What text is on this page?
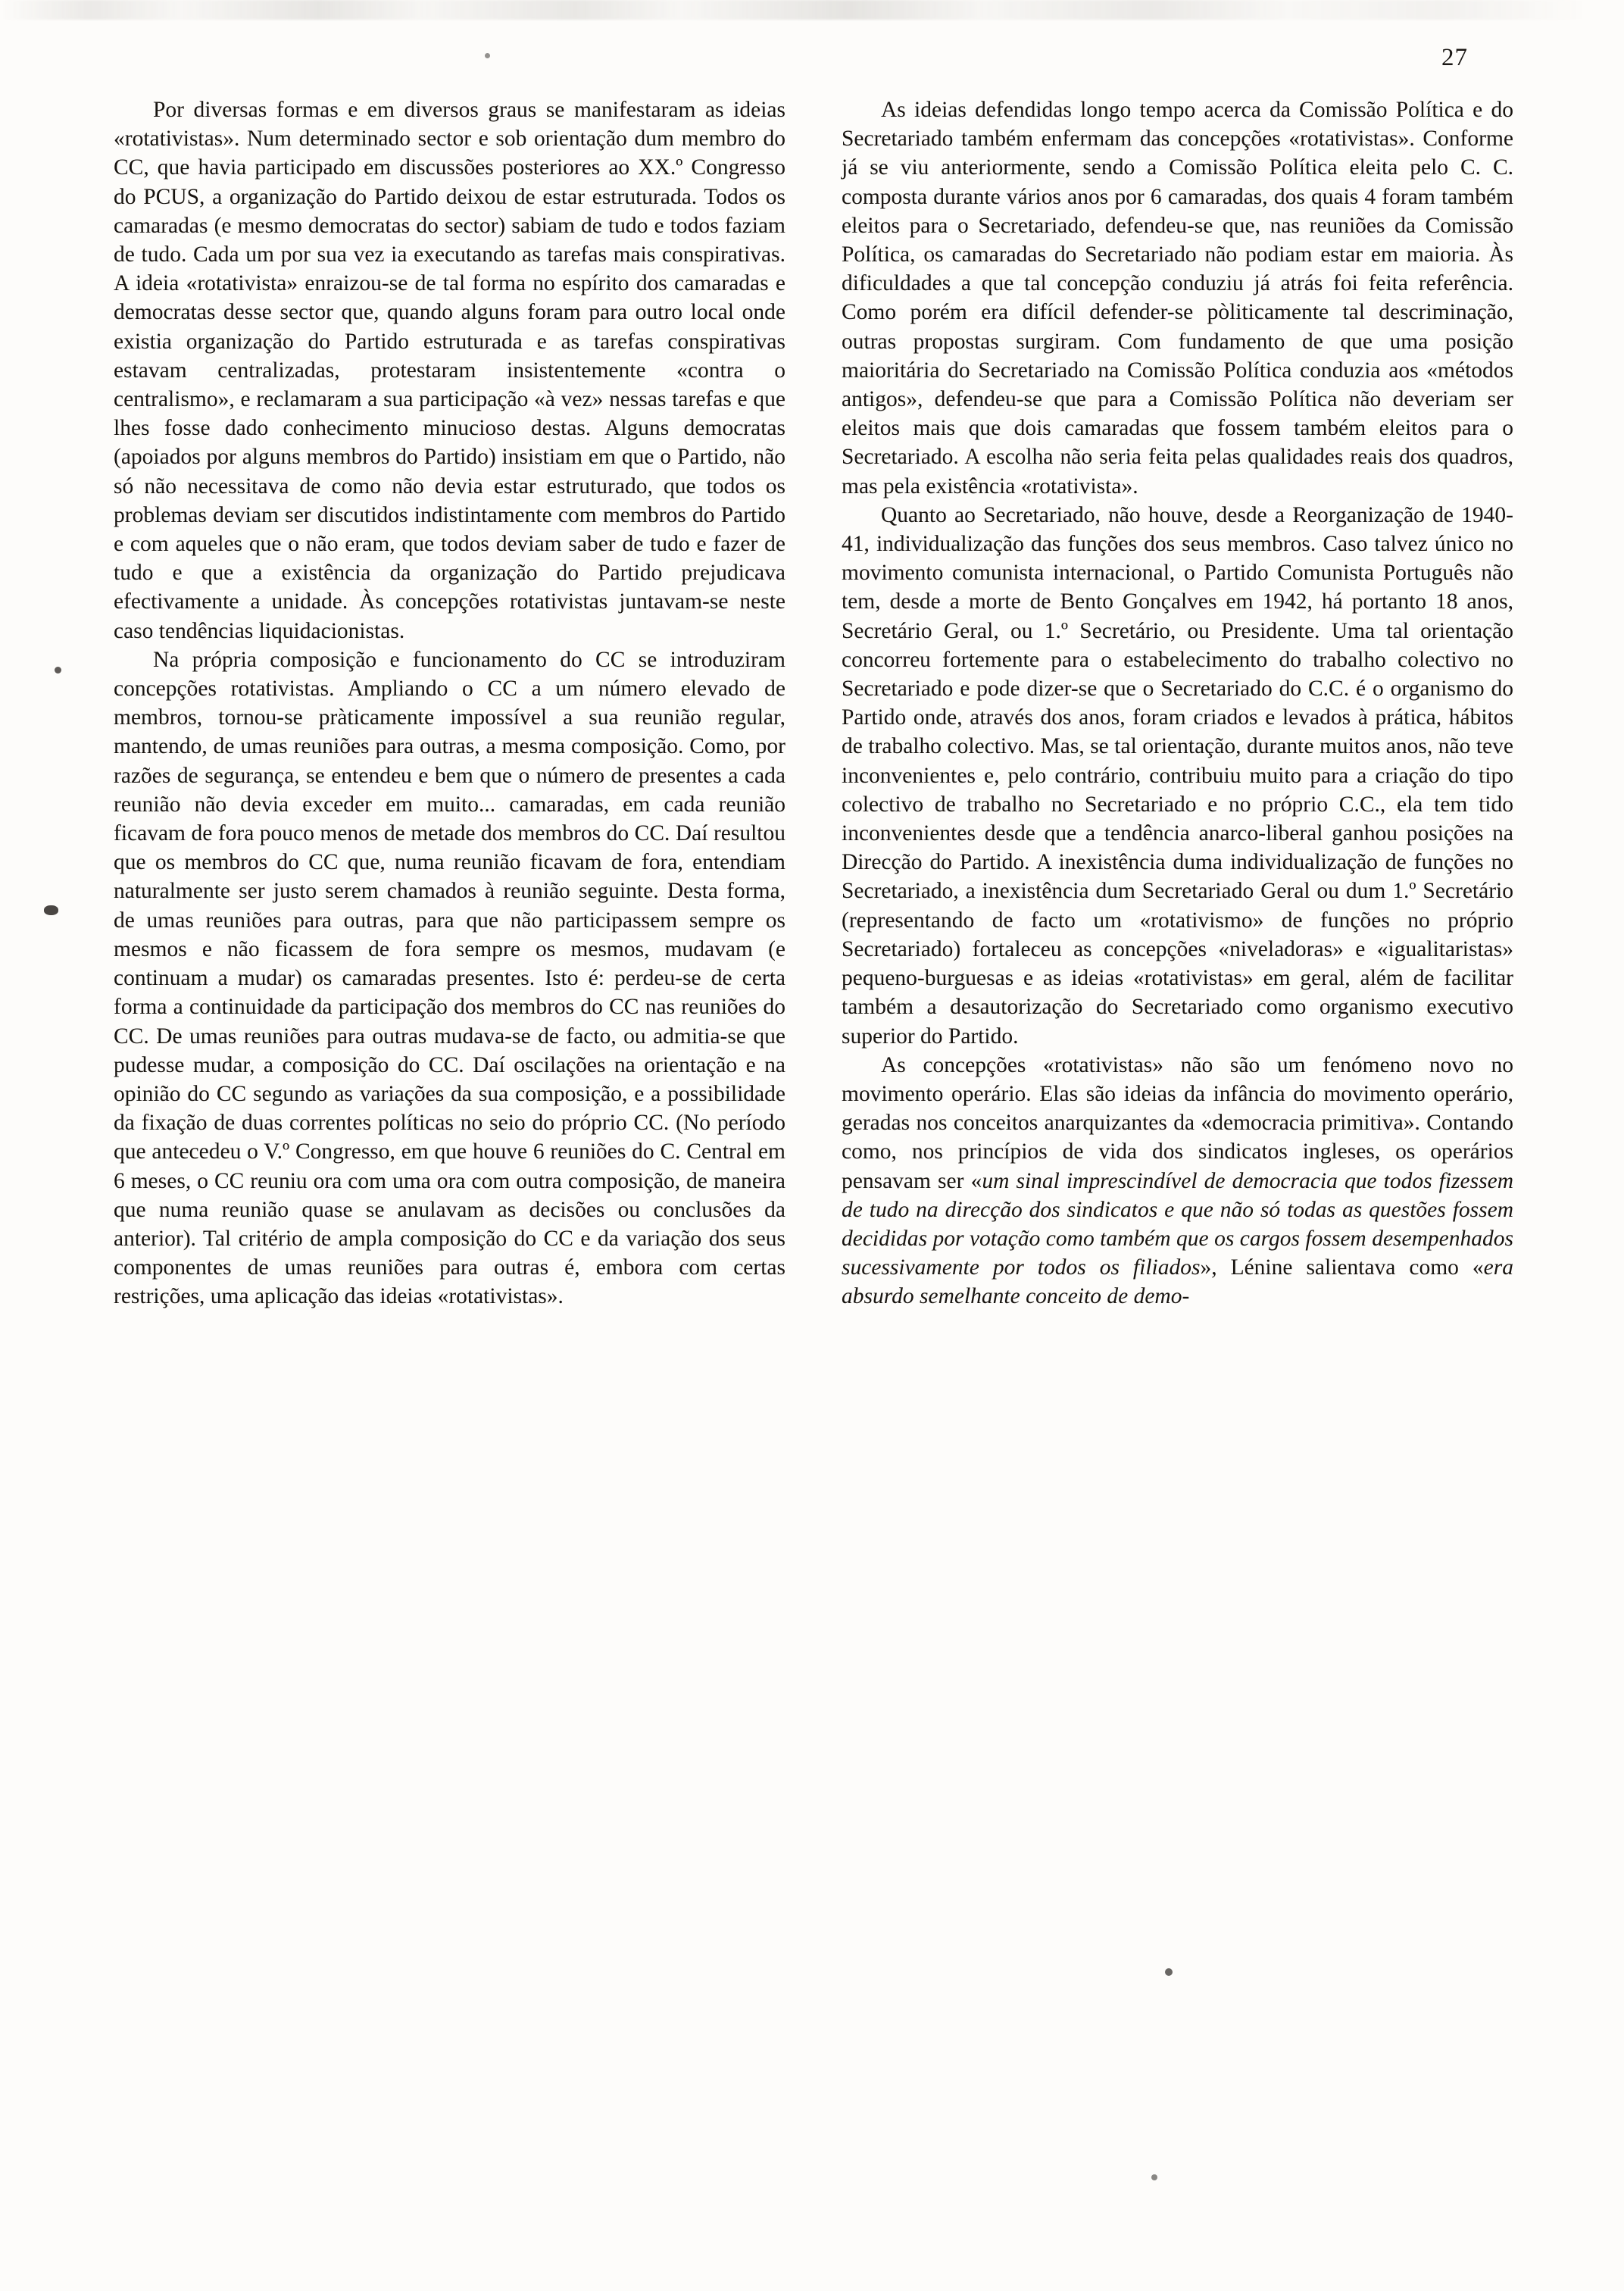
27

Por diversas formas e em diversos graus se manifestaram as ideias «rotativistas». Num determinado sector e sob orientação dum membro do CC, que havia participado em discussões posteriores ao XX.º Congresso do PCUS, a organização do Partido deixou de estar estruturada. Todos os camaradas (e mesmo democratas do sector) sabiam de tudo e todos faziam de tudo. Cada um por sua vez ia executando as tarefas mais conspirativas. A ideia «rotativista» enraizou-se de tal forma no espírito dos camaradas e democratas desse sector que, quando alguns foram para outro local onde existia organização do Partido estruturada e as tarefas conspirativas estavam centralizadas, protestaram insistentemente «contra o centralismo», e reclamaram a sua participação «à vez» nessas tarefas e que lhes fosse dado conhecimento minucioso destas. Alguns democratas (apoiados por alguns membros do Partido) insistiam em que o Partido, não só não necessitava de como não devia estar estruturado, que todos os problemas deviam ser discutidos indistintamente com membros do Partido e com aqueles que o não eram, que todos deviam saber de tudo e fazer de tudo e que a existência da organização do Partido prejudicava efectivamente a unidade. Às concepções rotativistas juntavam-se neste caso tendências liquidacionistas.

Na própria composição e funcionamento do CC se introduziram concepções rotativistas. Ampliando o CC a um número elevado de membros, tornou-se pràticamente impossível a sua reunião regular, mantendo, de umas reuniões para outras, a mesma composição. Como, por razões de segurança, se entendeu e bem que o número de presentes a cada reunião não devia exceder em muito... camaradas, em cada reunião ficavam de fora pouco menos de metade dos membros do CC. Daí resultou que os membros do CC que, numa reunião ficavam de fora, entendiam naturalmente ser justo serem chamados à reunião seguinte. Desta forma, de umas reuniões para outras, para que não participassem sempre os mesmos e não ficassem de fora sempre os mesmos, mudavam (e continuam a mudar) os camaradas presentes. Isto é: perdeu-se de certa forma a continuidade da participação dos membros do CC nas reuniões do CC. De umas reuniões para outras mudava-se de facto, ou admitia-se que pudesse mudar, a composição do CC. Daí oscilações na orientação e na opinião do CC segundo as variações da sua composição, e a possibilidade da fixação de duas correntes políticas no seio do próprio CC. (No período que antecedeu o V.º Congresso, em que houve 6 reuniões do C. Central em 6 meses, o CC reuniu ora com uma ora com outra composição, de maneira que numa reunião quase se anulavam as decisões ou conclusões da anterior). Tal critério de ampla composição do CC e da variação dos seus componentes de umas reuniões para outras é, embora com certas restrições, uma aplicação das ideias «rotativistas».

As ideias defendidas longo tempo acerca da Comissão Política e do Secretariado também enfermam das concepções «rotativistas». Conforme já se viu anteriormente, sendo a Comissão Política eleita pelo C. C. composta durante vários anos por 6 camaradas, dos quais 4 foram também eleitos para o Secretariado, defendeu-se que, nas reuniões da Comissão Política, os camaradas do Secretariado não podiam estar em maioria. Às dificuldades a que tal concepção conduziu já atrás foi feita referência. Como porém era difícil defender-se pòliticamente tal descriminação, outras propostas surgiram. Com fundamento de que uma posição maioritária do Secretariado na Comissão Política conduzia aos «métodos antigos», defendeu-se que para a Comissão Política não deveriam ser eleitos mais que dois camaradas que fossem também eleitos para o Secretariado. A escolha não seria feita pelas qualidades reais dos quadros, mas pela existência «rotativista».

Quanto ao Secretariado, não houve, desde a Reorganização de 1940-41, individualização das funções dos seus membros. Caso talvez único no movimento comunista internacional, o Partido Comunista Português não tem, desde a morte de Bento Gonçalves em 1942, há portanto 18 anos, Secretário Geral, ou 1.º Secretário, ou Presidente. Uma tal orientação concorreu fortemente para o estabelecimento do trabalho colectivo no Secretariado e pode dizer-se que o Secretariado do C.C. é o organismo do Partido onde, através dos anos, foram criados e levados à prática, hábitos de trabalho colectivo. Mas, se tal orientação, durante muitos anos, não teve inconvenientes e, pelo contrário, contribuiu muito para a criação do tipo colectivo de trabalho no Secretariado e no próprio C.C., ela tem tido inconvenientes desde que a tendência anarco-liberal ganhou posições na Direcção do Partido. A inexistência duma individualização de funções no Secretariado, a inexistência dum Secretariado Geral ou dum 1.º Secretário (representando de facto um «rotativismo» de funções no próprio Secretariado) fortaleceu as concepções «niveladoras» e «igualitaristas» pequeno-burguesas e as ideias «rotativistas» em geral, além de facilitar também a desautorização do Secretariado como organismo executivo superior do Partido.

As concepções «rotativistas» não são um fenómeno novo no movimento operário. Elas são ideias da infância do movimento operário, geradas nos conceitos anarquizantes da «democracia primitiva». Contando como, nos princípios de vida dos sindicatos ingleses, os operários pensavam ser «um sinal imprescindível de democracia que todos fizessem de tudo na direcção dos sindicatos e que não só todas as questões fossem decididas por votação como também que os cargos fossem desempenhados sucessivamente por todos os filiados», Lénine salientava como «era absurdo semelhante conceito de demo-
